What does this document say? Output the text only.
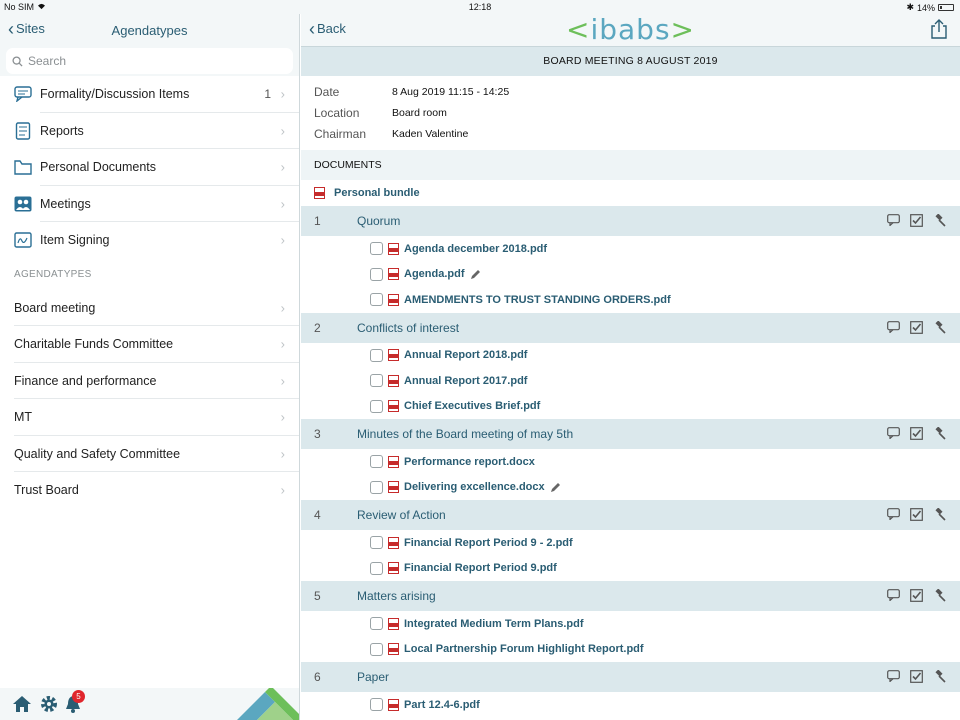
No SIM	12:18	✱ 14%
‹ Sites	Agendatypes
Search
Formality/Discussion Items	1 ›
Reports	›
Personal Documents	›
Meetings	›
Item Signing	›
AGENDATYPES
Board meeting	›
Charitable Funds Committee	›
Finance and performance	›
MT	›
Quality and Safety Committee	›
Trust Board	›
5
‹ Back	<ibabs>
BOARD MEETING 8 AUGUST 2019
Date	8 Aug 2019 11:15 - 14:25
Location	Board room
Chairman	Kaden Valentine
DOCUMENTS
Personal bundle
1	Quorum
Agenda december 2018.pdf
Agenda.pdf
AMENDMENTS TO TRUST STANDING ORDERS.pdf
2	Conflicts of interest
Annual Report 2018.pdf
Annual Report 2017.pdf
Chief Executives Brief.pdf
3	Minutes of the Board meeting of may 5th
Performance report.docx
Delivering excellence.docx
4	Review of Action
Financial Report Period 9 - 2.pdf
Financial Report Period 9.pdf
5	Matters arising
Integrated Medium Term Plans.pdf
Local Partnership Forum Highlight Report.pdf
6	Paper
Part 12.4-6.pdf
